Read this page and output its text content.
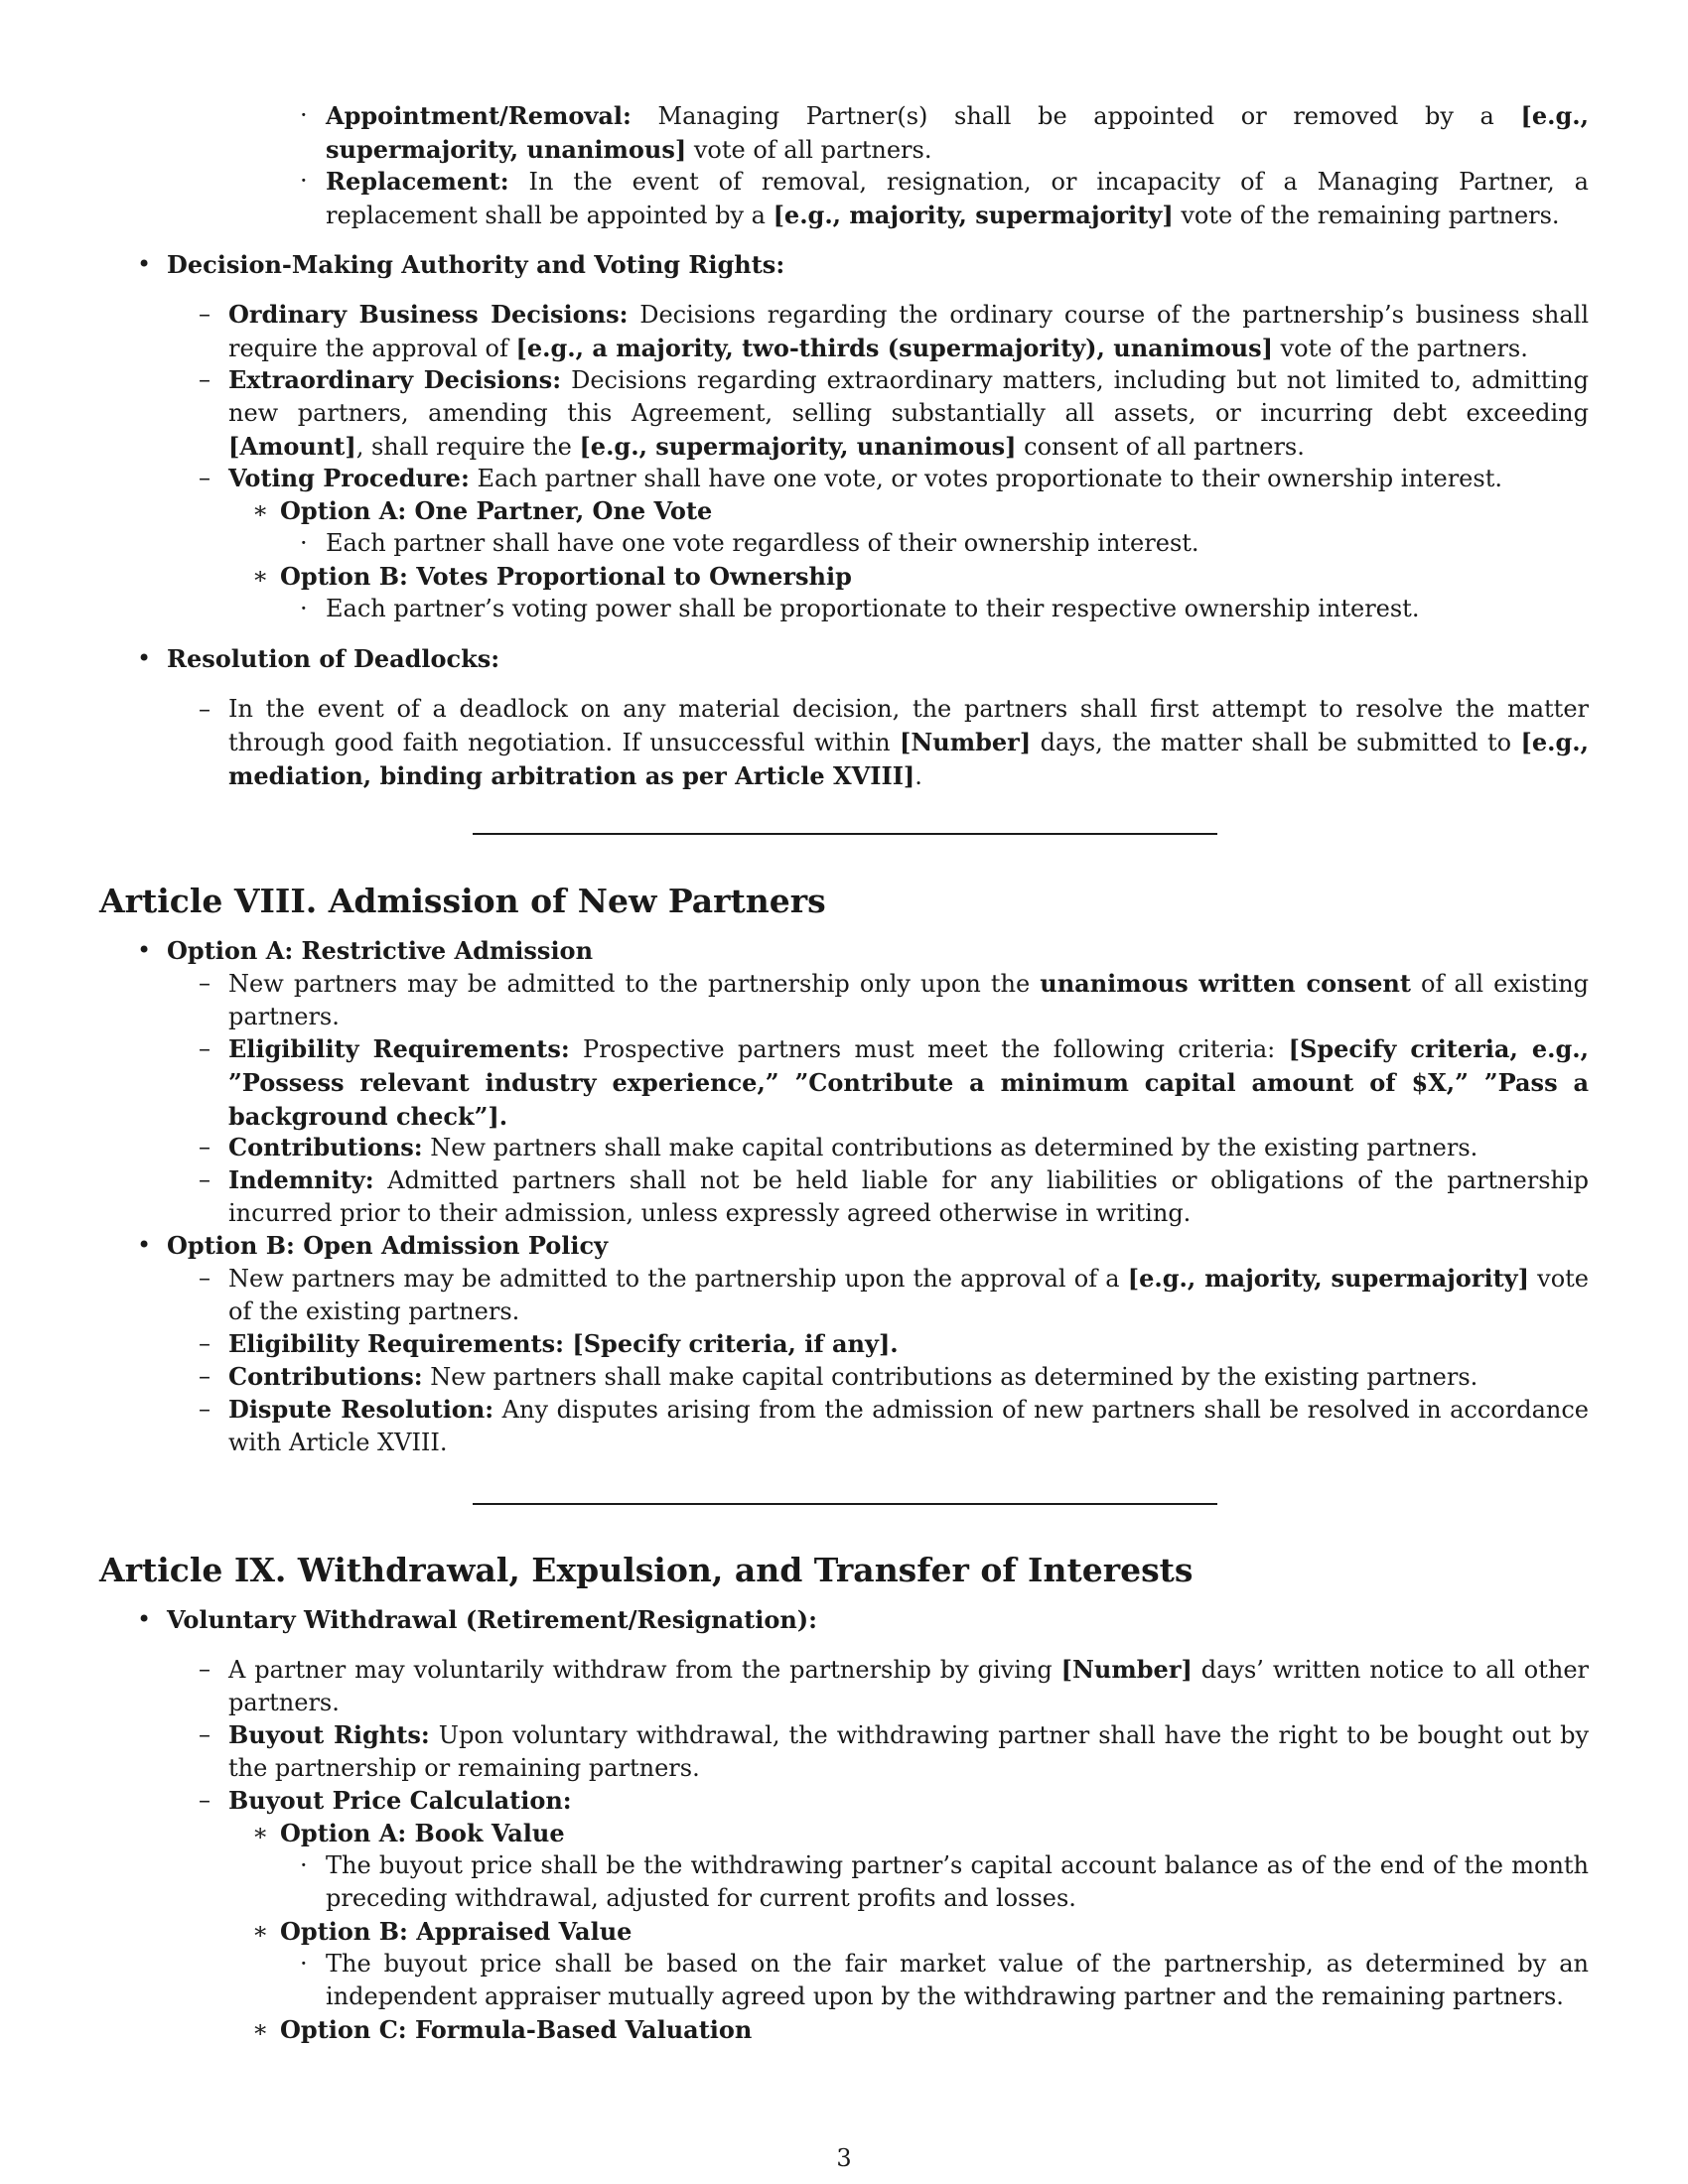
· Appointment/Removal: Managing Partner(s) shall be appointed or removed by a [e.g., supermajority, unanimous] vote of all partners.
· Replacement: In the event of removal, resignation, or incapacity of a Managing Partner, a replacement shall be appointed by a [e.g., majority, supermajority] vote of the remaining partners.
• Decision-Making Authority and Voting Rights:
– Ordinary Business Decisions: Decisions regarding the ordinary course of the partnership’s business shall require the approval of [e.g., a majority, two-thirds (supermajority), unanimous] vote of the partners.
– Extraordinary Decisions: Decisions regarding extraordinary matters, including but not limited to, admitting new partners, amending this Agreement, selling substantially all assets, or incurring debt exceeding [Amount], shall require the [e.g., supermajority, unanimous] consent of all partners.
– Voting Procedure: Each partner shall have one vote, or votes proportionate to their ownership interest.
∗ Option A: One Partner, One Vote
· Each partner shall have one vote regardless of their ownership interest.
∗ Option B: Votes Proportional to Ownership
· Each partner’s voting power shall be proportionate to their respective ownership interest.
• Resolution of Deadlocks:
– In the event of a deadlock on any material decision, the partners shall first attempt to resolve the matter through good faith negotiation. If unsuccessful within [Number] days, the matter shall be submitted to [e.g., mediation, binding arbitration as per Article XVIII].
Article VIII. Admission of New Partners
• Option A: Restrictive Admission
– New partners may be admitted to the partnership only upon the unanimous written consent of all existing partners.
– Eligibility Requirements: Prospective partners must meet the following criteria: [Specify criteria, e.g., ”Possess relevant industry experience,” ”Contribute a minimum capital amount of $X,” ”Pass a background check”].
– Contributions: New partners shall make capital contributions as determined by the existing partners.
– Indemnity: Admitted partners shall not be held liable for any liabilities or obligations of the partnership incurred prior to their admission, unless expressly agreed otherwise in writing.
• Option B: Open Admission Policy
– New partners may be admitted to the partnership upon the approval of a [e.g., majority, supermajority] vote of the existing partners.
– Eligibility Requirements: [Specify criteria, if any].
– Contributions: New partners shall make capital contributions as determined by the existing partners.
– Dispute Resolution: Any disputes arising from the admission of new partners shall be resolved in accordance with Article XVIII.
Article IX. Withdrawal, Expulsion, and Transfer of Interests
• Voluntary Withdrawal (Retirement/Resignation):
– A partner may voluntarily withdraw from the partnership by giving [Number] days’ written notice to all other partners.
– Buyout Rights: Upon voluntary withdrawal, the withdrawing partner shall have the right to be bought out by the partnership or remaining partners.
– Buyout Price Calculation:
∗ Option A: Book Value
· The buyout price shall be the withdrawing partner’s capital account balance as of the end of the month preceding withdrawal, adjusted for current profits and losses.
∗ Option B: Appraised Value
· The buyout price shall be based on the fair market value of the partnership, as determined by an independent appraiser mutually agreed upon by the withdrawing partner and the remaining partners.
∗ Option C: Formula-Based Valuation
3
